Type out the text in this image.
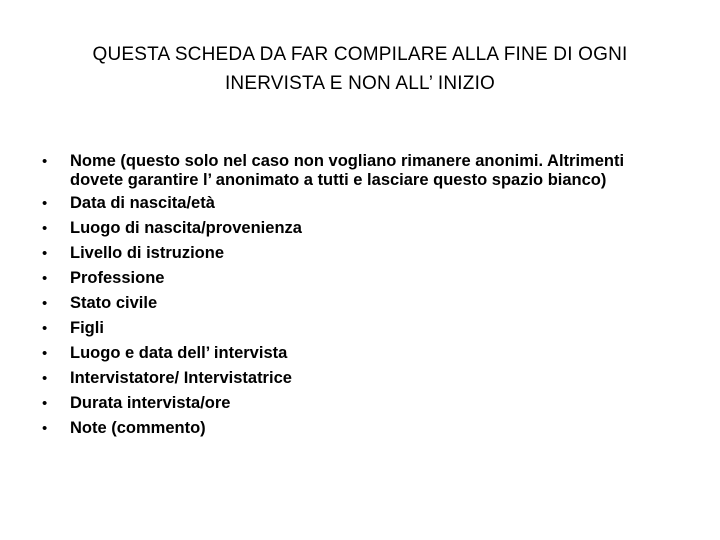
QUESTA SCHEDA DA FAR COMPILARE ALLA FINE DI OGNI
INERVISTA E NON ALL’ INIZIO
• Nome (questo solo nel caso non vogliano rimanere anonimi. Altrimenti dovete garantire l’ anonimato a tutti e lasciare questo spazio bianco)
• Data di nascita/età
• Luogo di nascita/provenienza
• Livello di istruzione
• Professione
• Stato civile
• Figli
• Luogo e data dell’ intervista
• Intervistatore/ Intervistatrice
• Durata intervista/ore
• Note (commento)
